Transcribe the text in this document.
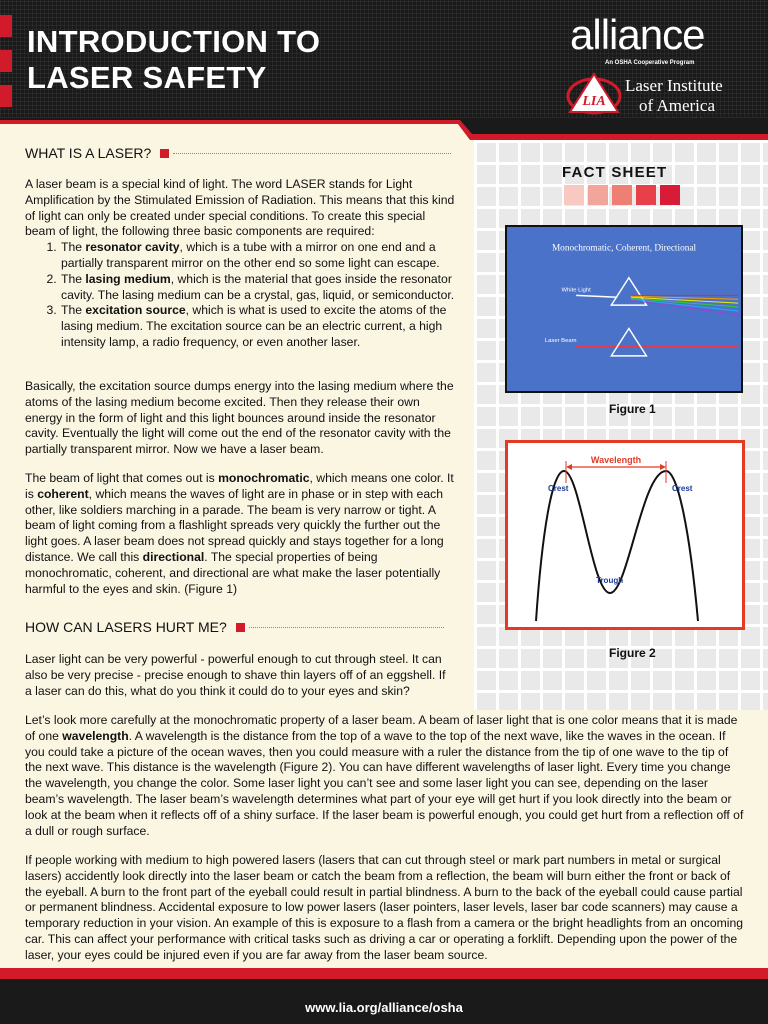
INTRODUCTION TO
LASER SAFETY
alliance
An OSHA Cooperative Program
LIA
Laser Institute
of America
FACT SHEET
Monochromatic, Coherent, Directional
White Light
Laser Beam
Figure 1
Wavelength
Crest	Crest
Trough
Figure 2
WHAT IS A LASER?

A laser beam is a special kind of light. The word LASER stands for Light Amplification by the Stimulated Emission of Radiation. This means that this kind of light can only be created under special conditions. To create this special beam of light, the following three basic components are required:

1. The resonator cavity, which is a tube with a mirror on one end and a partially transparent mirror on the other end so some light can escape.
2. The lasing medium, which is the material that goes inside the resonator cavity. The lasing medium can be a crystal, gas, liquid, or semiconductor.
3. The excitation source, which is what is used to excite the atoms of the lasing medium. The excitation source can be an electric current, a high intensity lamp, a radio frequency, or even another laser.
Basically, the excitation source dumps energy into the lasing medium where the atoms of the lasing medium become excited. Then they release their own energy in the form of light and this light bounces around inside the resonator cavity. Eventually the light will come out the end of the resonator cavity with the partially transparent mirror. Now we have a laser beam.
The beam of light that comes out is monochromatic, which means one color. It is coherent, which means the waves of light are in phase or in step with each other, like soldiers marching in a parade. The beam is very narrow or tight. A beam of light coming from a flashlight spreads very quickly the further out the light goes. A laser beam does not spread quickly and stays together for a long distance. We call this directional. The special properties of being monochromatic, coherent, and directional are what make the laser potentially harmful to the eyes and skin. (Figure 1)
HOW CAN LASERS HURT ME?
Laser light can be very powerful - powerful enough to cut through steel. It can also be very precise - precise enough to shave thin layers off of an eggshell. If a laser can do this, what do you think it could do to your eyes and skin?
Let’s look more carefully at the monochromatic property of a laser beam. A beam of laser light that is one color means that it is made of one wavelength. A wavelength is the distance from the top of a wave to the top of the next wave, like the waves in the ocean. If you could take a picture of the ocean waves, then you could measure with a ruler the distance from the tip of one wave to the tip of the next wave. This distance is the wavelength (Figure 2). You can have different wavelengths of laser light. Every time you change the wavelength, you change the color. Some laser light you can’t see and some laser light you can see, depending on the laser beam’s wavelength. The laser beam’s wavelength determines what part of your eye will get hurt if you look directly into the beam or look at the beam when it reflects off of a shiny surface. If the laser beam is powerful enough, you could get hurt from a reflection off of a dull or rough surface.
If people working with medium to high powered lasers (lasers that can cut through steel or mark part numbers in metal or surgical lasers) accidently look directly into the laser beam or catch the beam from a reflection, the beam will burn either the front or back of the eyeball. A burn to the front part of the eyeball could result in partial blindness. A burn to the back of the eyeball could cause partial or permanent blindness. Accidental exposure to low power lasers (laser pointers, laser levels, laser bar code scanners) may cause a temporary reduction in your vision. An example of this is exposure to a flash from a camera or the bright headlights from an oncoming car. This can affect your performance with critical tasks such as driving a car or operating a forklift. Depending upon the power of the laser, your eyes could be injured even if you are far away from the laser beam source.
www.lia.org/alliance/osha
